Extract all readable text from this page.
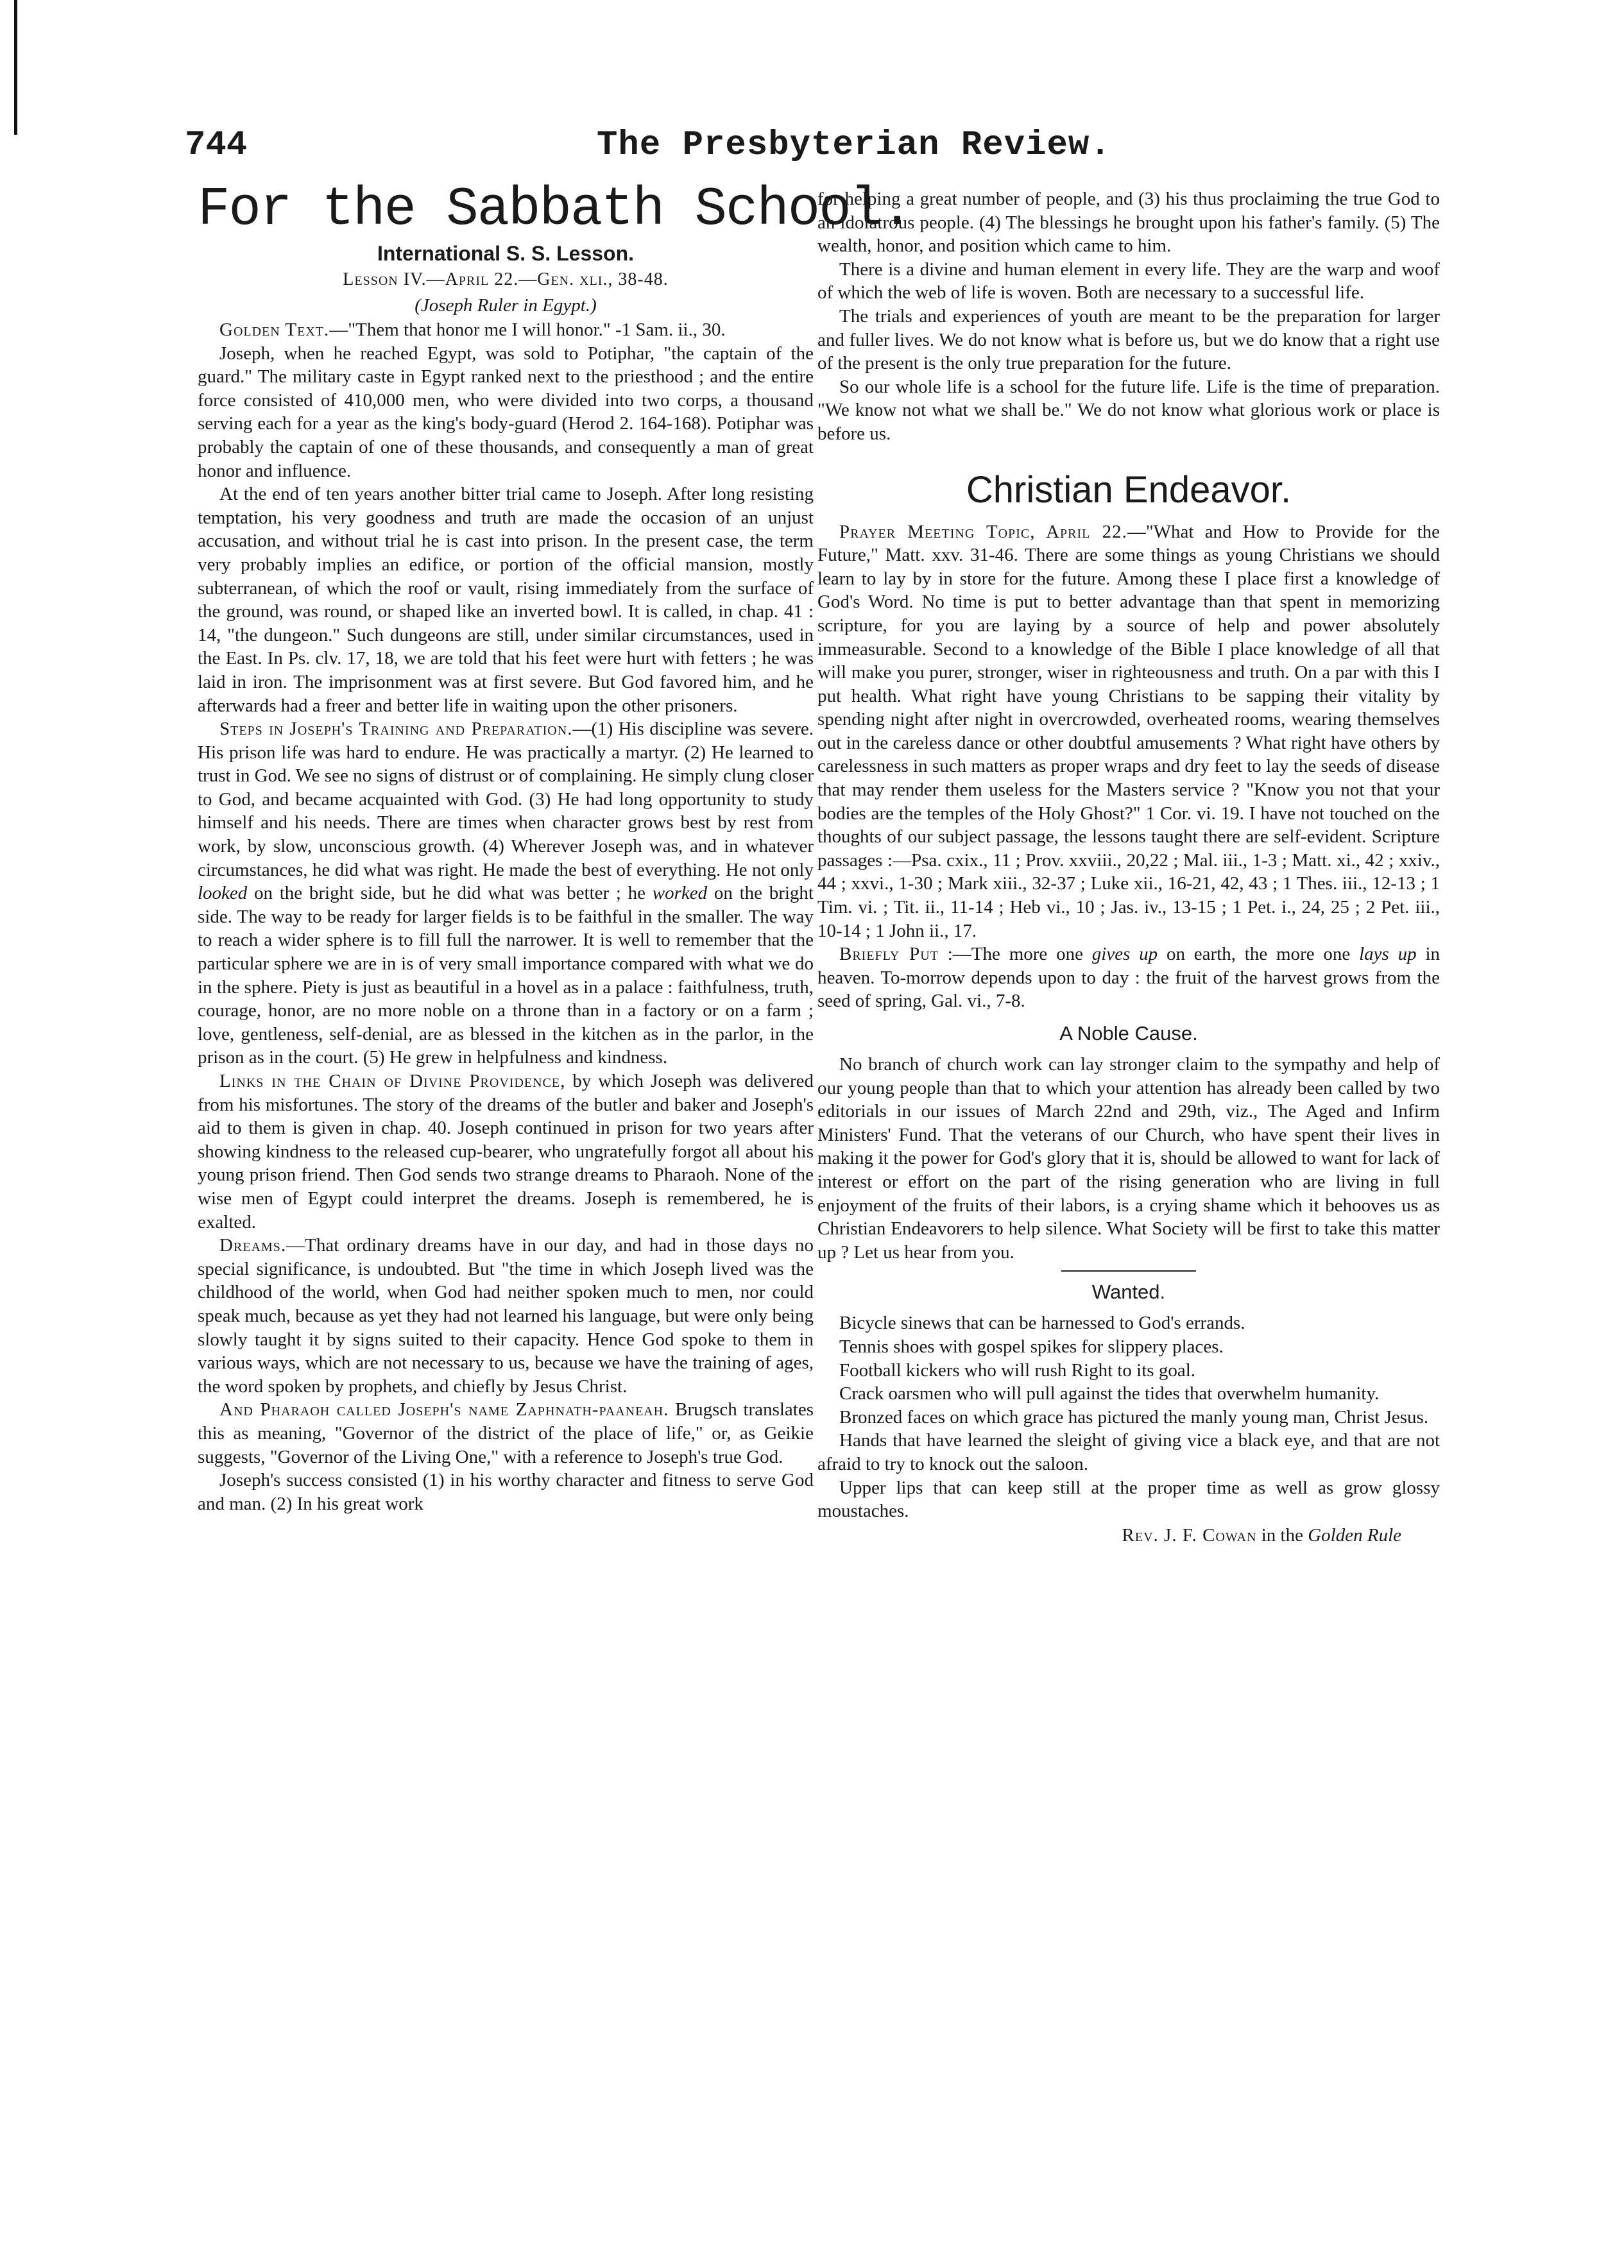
744	The Presbyterian Review.
For the Sabbath School.
International S. S. Lesson.
Lesson IV.—April 22.—Gen. xli., 38-48.
(Joseph Ruler in Egypt.)

Golden Text.—"Them that honor me I will honor." -1 Sam. ii., 30.

Joseph, when he reached Egypt, was sold to Potiphar, "the captain of the guard." The military caste in Egypt ranked next to the priesthood ; and the entire force consisted of 410,000 men, who were divided into two corps, a thousand serving each for a year as the king's body-guard (Herod 2. 164-168). Potiphar was probably the captain of one of these thousands, and consequently a man of great honor and influence.

At the end of ten years another bitter trial came to Joseph. After long resisting temptation, his very goodness and truth are made the occasion of an unjust accusation, and without trial he is cast into prison. In the present case, the term very probably implies an edifice, or portion of the official mansion, mostly subterranean, of which the roof or vault, rising immediately from the surface of the ground, was round, or shaped like an inverted bowl. It is called, in chap. 41 : 14, "the dungeon." Such dungeons are still, under similar circumstances, used in the East. In Ps. clv. 17, 18, we are told that his feet were hurt with fetters ; he was laid in iron. The imprisonment was at first severe. But God favored him, and he afterwards had a freer and better life in waiting upon the other prisoners.

Steps in Joseph's Training and Preparation.—(1) His discipline was severe. His prison life was hard to endure. He was practically a martyr. (2) He learned to trust in God. We see no signs of distrust or of complaining. He simply clung closer to God, and became acquainted with God. (3) He had long opportunity to study himself and his needs. There are times when character grows best by rest from work, by slow, unconscious growth. (4) Wherever Joseph was, and in whatever circumstances, he did what was right. He made the best of everything. He not only looked on the bright side, but he did what was better ; he worked on the bright side. The way to be ready for larger fields is to be faithful in the smaller. The way to reach a wider sphere is to fill full the narrower. It is well to remember that the particular sphere we are in is of very small importance compared with what we do in the sphere. Piety is just as beautiful in a hovel as in a palace : faithfulness, truth, courage, honor, are no more noble on a throne than in a factory or on a farm ; love, gentleness, self-denial, are as blessed in the kitchen as in the parlor, in the prison as in the court. (5) He grew in helpfulness and kindness.

Links in the Chain of Divine Providence, by which Joseph was delivered from his misfortunes. The story of the dreams of the butler and baker and Joseph's aid to them is given in chap. 40. Joseph continued in prison for two years after showing kindness to the released cup-bearer, who ungratefully forgot all about his young prison friend. Then God sends two strange dreams to Pharaoh. None of the wise men of Egypt could interpret the dreams. Joseph is remembered, he is exalted.

Dreams.—That ordinary dreams have in our day, and had in those days no special significance, is undoubted. But "the time in which Joseph lived was the childhood of the world, when God had neither spoken much to men, nor could speak much, because as yet they had not learned his language, but were only being slowly taught it by signs suited to their capacity. Hence God spoke to them in various ways, which are not necessary to us, because we have the training of ages, the word spoken by prophets, and chiefly by Jesus Christ.

And Pharaoh called Joseph's name Zaphnath-paaneah. Brugsch translates this as meaning, "Governor of the district of the place of life," or, as Geikie suggests, "Governor of the Living One," with a reference to Joseph's true God.

Joseph's success consisted (1) in his worthy character and fitness to serve God and man. (2) In his great work

for helping a great number of people, and (3) his thus proclaiming the true God to an idolatrous people. (4) The blessings he brought upon his father's family. (5) The wealth, honor, and position which came to him.

There is a divine and human element in every life. They are the warp and woof of which the web of life is woven. Both are necessary to a successful life.

The trials and experiences of youth are meant to be the preparation for larger and fuller lives. We do not know what is before us, but we do know that a right use of the present is the only true preparation for the future.

So our whole life is a school for the future life. Life is the time of preparation. "We know not what we shall be." We do not know what glorious work or place is before us.

Christian Endeavor.

Prayer Meeting Topic, April 22.—"What and How to Provide for the Future," Matt. xxv. 31-46. There are some things as young Christians we should learn to lay by in store for the future. Among these I place first a knowledge of God's Word. No time is put to better advantage than that spent in memorizing scripture, for you are laying by a source of help and power absolutely immeasurable. Second to a knowledge of the Bible I place knowledge of all that will make you purer, stronger, wiser in righteousness and truth. On a par with this I put health. What right have young Christians to be sapping their vitality by spending night after night in overcrowded, overheated rooms, wearing themselves out in the careless dance or other doubtful amusements ? What right have others by carelessness in such matters as proper wraps and dry feet to lay the seeds of disease that may render them useless for the Masters service ? "Know you not that your bodies are the temples of the Holy Ghost?" 1 Cor. vi. 19. I have not touched on the thoughts of our subject passage, the lessons taught there are self-evident. Scripture passages :—Psa. cxix., 11 ; Prov. xxviii., 20,22 ; Mal. iii., 1-3 ; Matt. xi., 42 ; xxiv., 44 ; xxvi., 1-30 ; Mark xiii., 32-37 ; Luke xii., 16-21, 42, 43 ; 1 Thes. iii., 12-13 ; 1 Tim. vi. ; Tit. ii., 11-14 ; Heb vi., 10 ; Jas. iv., 13-15 ; 1 Pet. i., 24, 25 ; 2 Pet. iii., 10-14 ; 1 John ii., 17.

Briefly Put :—The more one gives up on earth, the more one lays up in heaven. To-morrow depends upon to day : the fruit of the harvest grows from the seed of spring, Gal. vi., 7-8.

A Noble Cause.

No branch of church work can lay stronger claim to the sympathy and help of our young people than that to which your attention has already been called by two editorials in our issues of March 22nd and 29th, viz., The Aged and Infirm Ministers' Fund. That the veterans of our Church, who have spent their lives in making it the power for God's glory that it is, should be allowed to want for lack of interest or effort on the part of the rising generation who are living in full enjoyment of the fruits of their labors, is a crying shame which it behooves us as Christian Endeavorers to help silence. What Society will be first to take this matter up ? Let us hear from you.

Wanted.
Bicycle sinews that can be harnessed to God's errands.
Tennis shoes with gospel spikes for slippery places.
Football kickers who will rush Right to its goal.
Crack oarsmen who will pull against the tides that overwhelm humanity.
Bronzed faces on which grace has pictured the manly young man, Christ Jesus.
Hands that have learned the sleight of giving vice a black eye, and that are not afraid to try to knock out the saloon.
Upper lips that can keep still at the proper time as well as grow glossy moustaches.
Rev. J. F. Cowan in the Golden Rule
